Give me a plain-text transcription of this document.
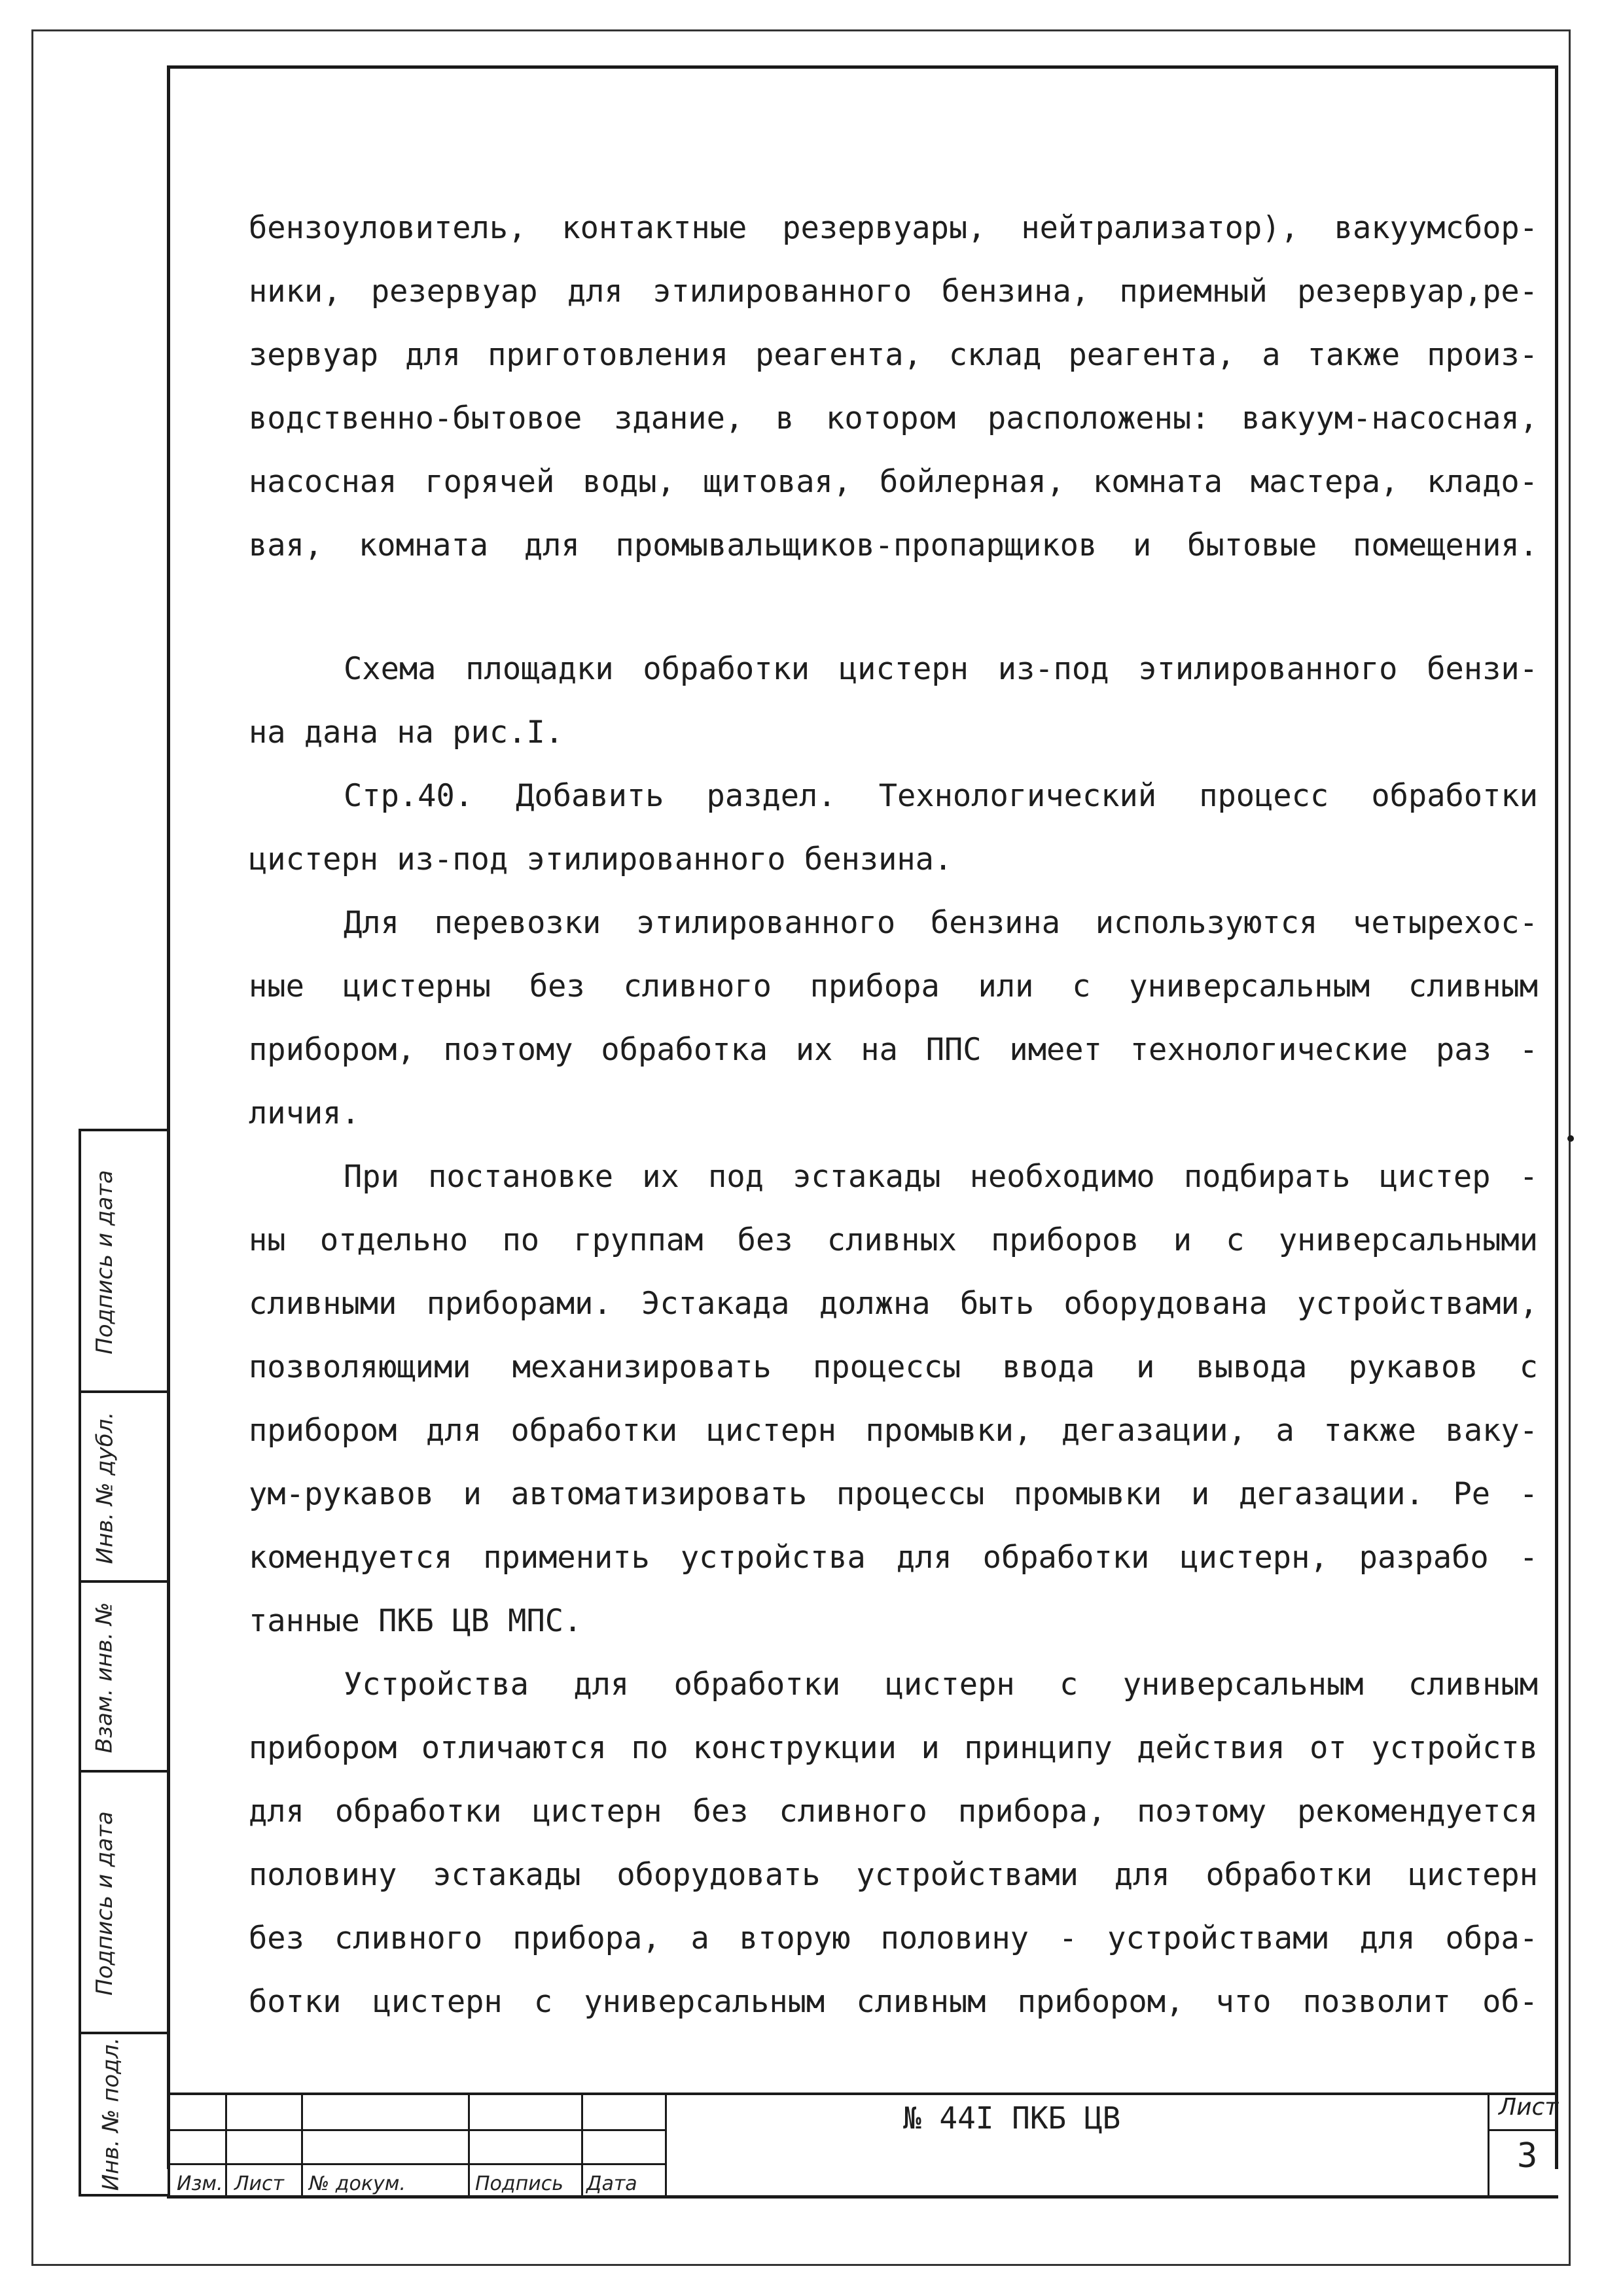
бензоуловитель, контактные резервуары, нейтрализатор), вакуумсбор-

ники, резервуар для этилированного бензина, приемный резервуар,ре-

зервуар для приготовления реагента, склад реагента, а также произ-

водственно-бытовое здание, в котором расположены: вакуум-насосная,

насосная горячей воды, щитовая, бойлерная, комната мастера, кладо-

вая, комната для промывальщиков-пропарщиков и бытовые помещения.

Схема площадки обработки цистерн из-под этилированного бензи-

на дана на рис.I.

Стр.40. Добавить раздел. Технологический процесс обработки

цистерн из-под этилированного бензина.

Для перевозки этилированного бензина используются четырехос-

ные цистерны без сливного прибора или с универсальным сливным

прибором, поэтому обработка их на ППС имеет технологические раз -

личия.

При постановке их под эстакады необходимо подбирать цистер -

ны отдельно по группам без сливных приборов и с универсальными

сливными приборами. Эстакада должна быть оборудована устройствами,

позволяющими механизировать процессы ввода и вывода рукавов с

прибором для обработки цистерн промывки, дегазации, а также ваку-

ум-рукавов и автоматизировать процессы промывки и дегазации. Ре -

комендуется применить устройства для обработки цистерн, разрабо -

танные ПКБ ЦВ МПС.

Устройства для обработки цистерн с универсальным сливным

прибором отличаются по конструкции и принципу действия от устройств

для обработки цистерн без сливного прибора, поэтому рекомендуется

половину эстакады оборудовать устройствами для обработки цистерн

без сливного прибора, а вторую половину - устройствами для обра-

ботки цистерн с универсальным сливным прибором, что позволит об-

Подпись и дата
Инв. № дубл.
Взам. инв. №
Подпись и дата
Инв. № подл.	Изм. Лист № докум.	Подпись Дата
№ 44I ПКБ ЦВ	Лист
3
